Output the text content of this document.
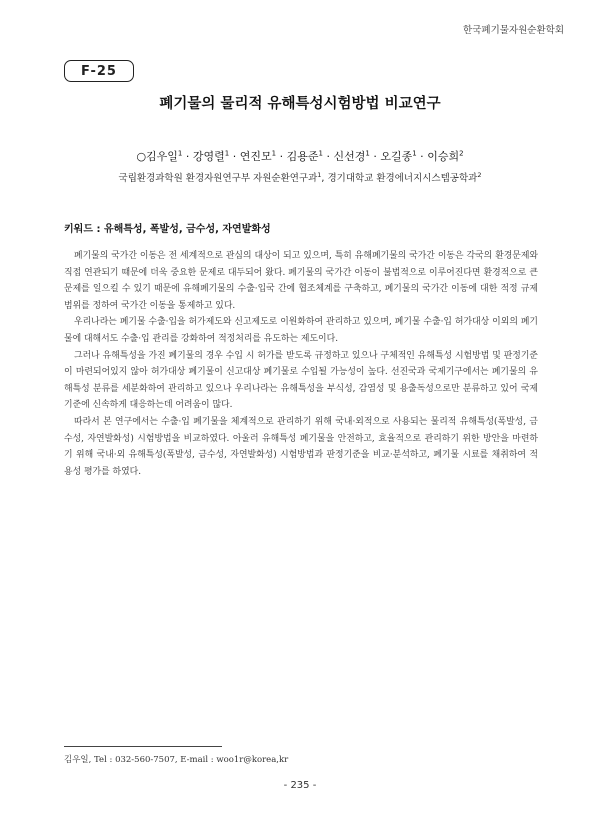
한국폐기물자원순환학회
F-25
폐기물의 물리적 유해특성시험방법 비교연구
○김우일$^1$ · 강영렬$^1$ · 연진모$^1$ · 김용준$^1$ · 신선경$^1$ · 오길종$^1$ · 이승희$^2$
국립환경과학원 환경자원연구부 자원순환연구과$^1$, 경기대학교 환경에너지시스템공학과$^2$
키워드 : 유해특성, 폭발성, 금수성, 자연발화성

폐기물의 국가간 이동은 전 세계적으로 관심의 대상이 되고 있으며, 특히 유해폐기물의 국가간 이동은 각국의 환경문제와 직접 연관되기 때문에 더욱 중요한 문제로 대두되어 왔다. 폐기물의 국가간 이동이 불법적으로 이루어진다면 환경적으로 큰 문제를 일으킬 수 있기 때문에 유해폐기물의 수출·입국 간에 협조체계를 구축하고, 폐기물의 국가간 이동에 대한 적정 규제범위를 정하여 국가간 이동을 통제하고 있다.

우리나라는 폐기물 수출·입을 허가제도와 신고제도로 이원화하여 관리하고 있으며, 폐기물 수출·입 허가대상 이외의 폐기물에 대해서도 수출·입 관리를 강화하여 적정처리를 유도하는 제도이다.

그러나 유해특성을 가진 폐기물의 경우 수입 시 허가를 받도록 규정하고 있으나 구체적인 유해특성 시험방법 및 판정기준이 마련되어있지 않아 허가대상 폐기물이 신고대상 폐기물로 수입될 가능성이 높다. 선진국과 국제기구에서는 폐기물의 유해특성 분류를 세분화하여 관리하고 있으나 우리나라는 유해특성을 부식성, 감염성 및 용출독성으로만 분류하고 있어 국제기준에 신속하게 대응하는데 어려움이 많다.

따라서 본 연구에서는 수출·입 폐기물을 체계적으로 관리하기 위해 국내·외적으로 사용되는 물리적 유해특성(폭발성, 금수성, 자연발화성) 시험방법을 비교하였다. 아울러 유해특성 폐기물을 안전하고, 효율적으로 관리하기 위한 방안을 마련하기 위해 국내·외 유해특성(폭발성, 금수성, 자연발화성) 시험방법과 판정기준을 비교·분석하고, 폐기물 시료를 채취하여 적용성 평가를 하였다.

김우일, Tel : 032-560-7507, E-mail : woo1r@korea,kr
- 235 -
